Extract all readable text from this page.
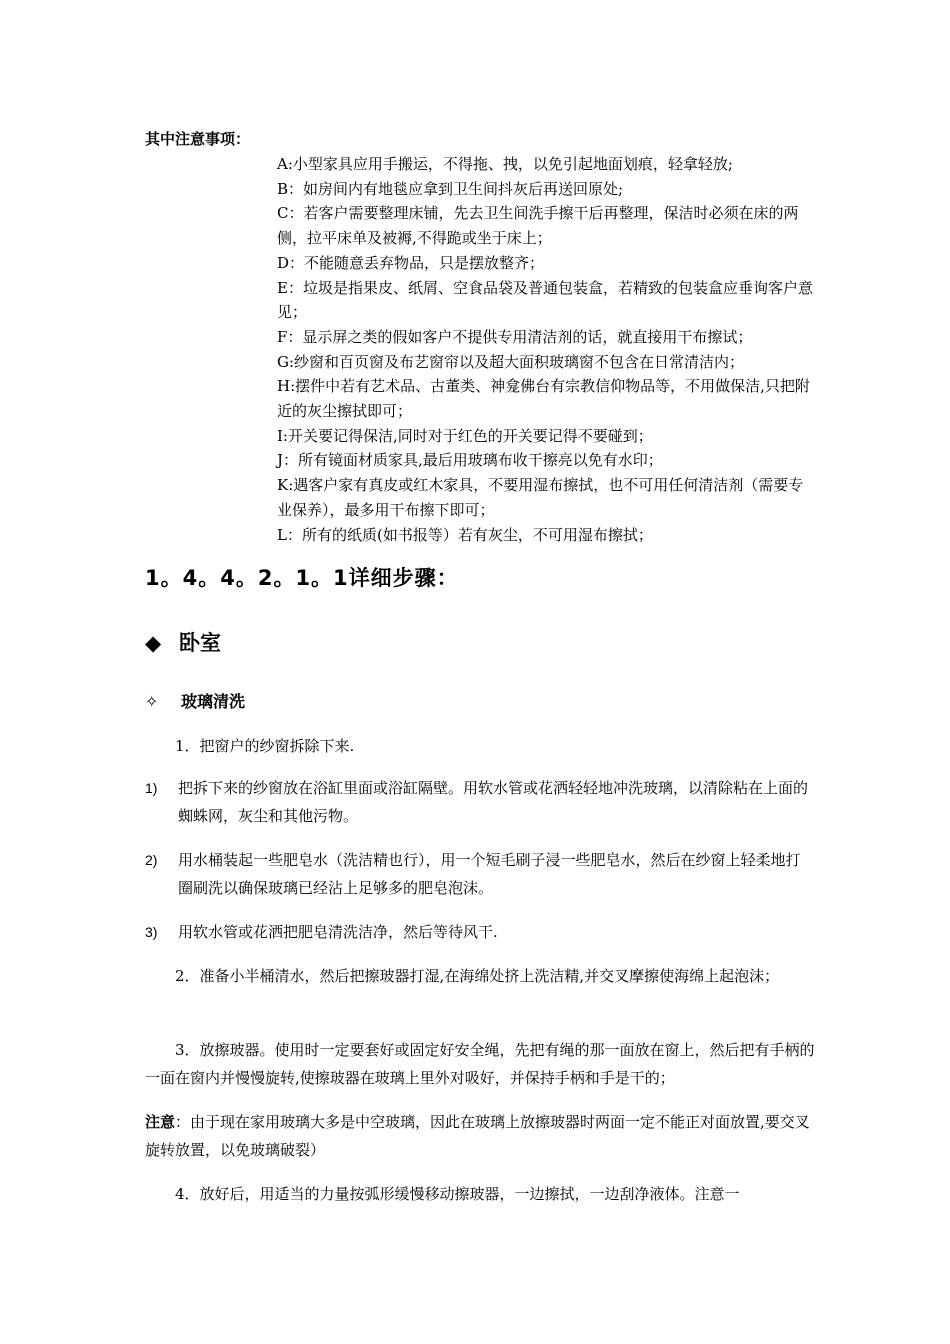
其中注意事项：

A:小型家具应用手搬运，不得拖、拽，以免引起地面划痕，轻拿轻放;

B：如房间内有地毯应拿到卫生间抖灰后再送回原处;

C：若客户需要整理床铺，先去卫生间洗手擦干后再整理，保洁时必须在床的两侧，拉平床单及被褥,不得跪或坐于床上；

D：不能随意丢弃物品，只是摆放整齐；

E：垃圾是指果皮、纸屑、空食品袋及普通包装盒，若精致的包装盒应垂询客户意见；

F：显示屏之类的假如客户不提供专用清洁剂的话，就直接用干布擦试；

G:纱窗和百页窗及布艺窗帘以及超大面积玻璃窗不包含在日常清洁内；

H:摆件中若有艺术品、古董类、神龛佛台有宗教信仰物品等，不用做保洁,只把附近的灰尘擦拭即可；

I:开关要记得保洁,同时对于红色的开关要记得不要碰到；

J：所有镜面材质家具,最后用玻璃布收干擦亮以免有水印；

K:遇客户家有真皮或红木家具，不要用湿布擦拭，也不可用任何清洁剂（需要专业保养），最多用干布擦下即可；

L：所有的纸质(如书报等）若有灰尘，不可用湿布擦拭；

1。4。4。2。1。1详细步骤：
◆ 卧室
✧ 玻璃清洗
1．把窗户的纱窗拆除下来.
1) 把拆下来的纱窗放在浴缸里面或浴缸隔壁。用软水管或花洒轻轻地冲洗玻璃，以清除粘在上面的蜘蛛网，灰尘和其他污物。
2) 用水桶装起一些肥皂水（洗洁精也行），用一个短毛刷子浸一些肥皂水，然后在纱窗上轻柔地打圈刷洗以确保玻璃已经沾上足够多的肥皂泡沫。
3) 用软水管或花洒把肥皂清洗洁净，然后等待风干.
2．准备小半桶清水，然后把擦玻器打湿,在海绵处挤上洗洁精,并交叉摩擦使海绵上起泡沫；
3．放擦玻器。使用时一定要套好或固定好安全绳，先把有绳的那一面放在窗上，然后把有手柄的一面在窗内并慢慢旋转,使擦玻器在玻璃上里外对吸好，并保持手柄和手是干的；
注意：由于现在家用玻璃大多是中空玻璃，因此在玻璃上放擦玻器时两面一定不能正对面放置,要交叉旋转放置，以免玻璃破裂）
4．放好后，用适当的力量按弧形缓慢移动擦玻器，一边擦拭，一边刮净液体。注意一
